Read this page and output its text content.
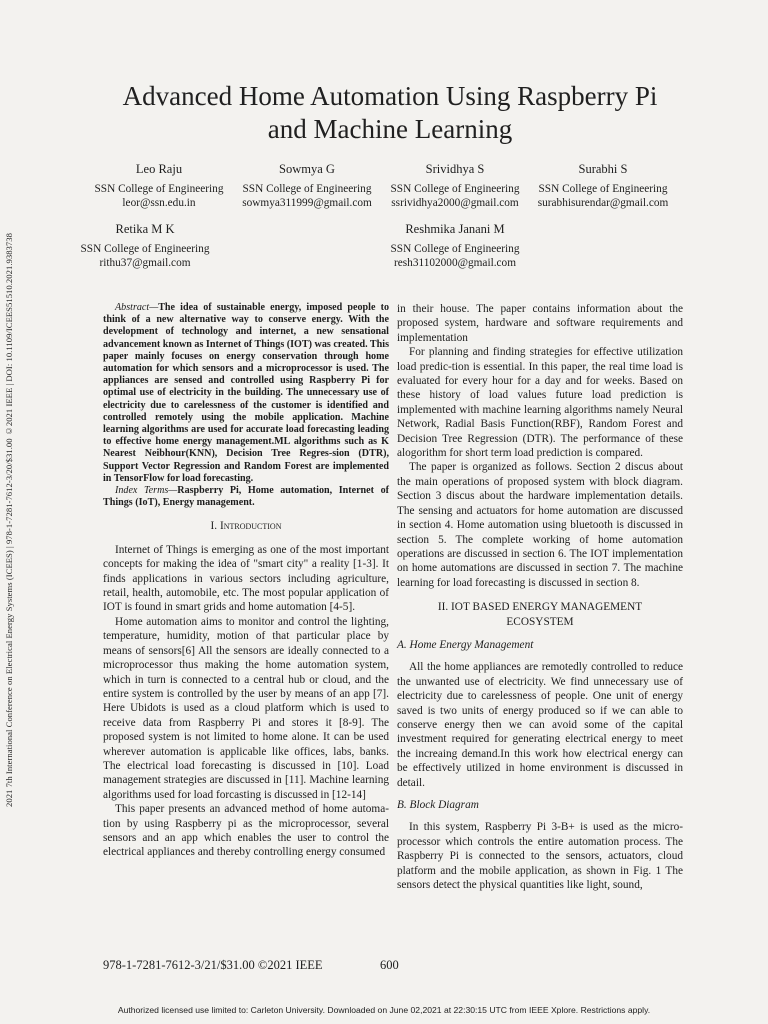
2021 7th International Conference on Electrical Energy Systems (ICEES) | 978-1-7281-7612-3/20/$31.00 ©2021 IEEE | DOI: 10.1109/ICEES51510.2021.9383738
Advanced Home Automation Using Raspberry Pi
and Machine Learning
Leo Raju
SSN College of Engineering
leor@ssn.edu.in
Sowmya G
SSN College of Engineering
sowmya311999@gmail.com
Srividhya S
SSN College of Engineering
ssrividhya2000@gmail.com
Surabhi S
SSN College of Engineering
surabhisurendar@gmail.com
Retika M K
SSN College of Engineering
rithu37@gmail.com
Reshmika Janani M
SSN College of Engineering
resh31102000@gmail.com

Abstract—The idea of sustainable energy, imposed people to think of a new alternative way to conserve energy. With the development of technology and internet, a new sensational advancement known as Internet of Things (IOT) was created. This paper mainly focuses on energy conservation through home automation for which sensors and a microprocessor is used. The appliances are sensed and controlled using Raspberry Pi for optimal use of electricity in the building. The unnecessary use of electricity due to carelessness of the customer is identified and controlled remotely using the mobile application. Machine learning algorithms are used for accurate load forecasting leading to effective home energy management.ML algorithms such as K Nearest Neibhour(KNN), Decision Tree Regres-sion (DTR), Support Vector Regression and Random Forest are implemented in TensorFlow for load forecasting.

Index Terms—Raspberry Pi, Home automation, Internet of Things (IoT), Energy management.

I. Introduction

Internet of Things is emerging as one of the most important concepts for making the idea of "smart city" a reality [1-3]. It finds applications in various sectors including agriculture, retail, health, automobile, etc. The most popular application of IOT is found in smart grids and home automation [4-5].

Home automation aims to monitor and control the lighting, temperature, humidity, motion of that particular place by means of sensors[6] All the sensors are ideally connected to a microprocessor thus making the home automation system, which in turn is connected to a central hub or cloud, and the entire system is controlled by the user by means of an app [7]. Here Ubidots is used as a cloud platform which is used to receive data from Raspberry Pi and stores it [8-9]. The proposed system is not limited to home alone. It can be used wherever automation is applicable like offices, labs, banks. The electrical load forecasting is discussed in [10]. Load management strategies are discussed in [11]. Machine learning algorithms used for load forcasting is discussed in [12-14]

This paper presents an advanced method of home automa-tion by using Raspberry pi as the microprocessor, several sensors and an app which enables the user to control the electrical appliances and thereby controlling energy consumed

in their house. The paper contains information about the proposed system, hardware and software requirements and implementation

For planning and finding strategies for effective utilization load predic-tion is essential. In this paper, the real time load is evaluated for every hour for a day and for weeks. Based on these history of load values future load prediction is implemented with machine learning algorithms namely Neural Network, Radial Basis Function(RBF), Random Forest and Decision Tree Regression (DTR). The performance of these alogorithm for short term load prediction is compared.

The paper is organized as follows. Section 2 discus about the main operations of proposed system with block diagram. Section 3 discus about the hardware implementation details. The sensing and actuators for home automation are discussed in section 4. Home automation using bluetooth is discussed in section 5. The complete working of home automation operations are discussed in section 6. The IOT implementation on home automations are discussed in section 7. The machine learning for load forecasting is discussed in section 8.

II. IOT BASED ENERGY MANAGEMENT
ECOSYSTEM
A. Home Energy Management

All the home appliances are remotedly controlled to reduce the unwanted use of electricity. We find unnecessary use of electricity due to carelessness of people. One unit of energy saved is two units of energy produced so if we can able to conserve energy then we can avoid some of the capital investment required for generating electrical energy to meet the increaing demand.In this work how electrical energy can be effectively utilized in home environment is discussed in detail.

B. Block Diagram

In this system, Raspberry Pi 3-B+ is used as the micro-processor which controls the entire automation process. The Raspberry Pi is connected to the sensors, actuators, cloud platform and the mobile application, as shown in Fig. 1 The sensors detect the physical quantities like light, sound,

978-1-7281-7612-3/21/$31.00 ©2021 IEEE	600
Authorized licensed use limited to: Carleton University. Downloaded on June 02,2021 at 22:30:15 UTC from IEEE Xplore. Restrictions apply.
